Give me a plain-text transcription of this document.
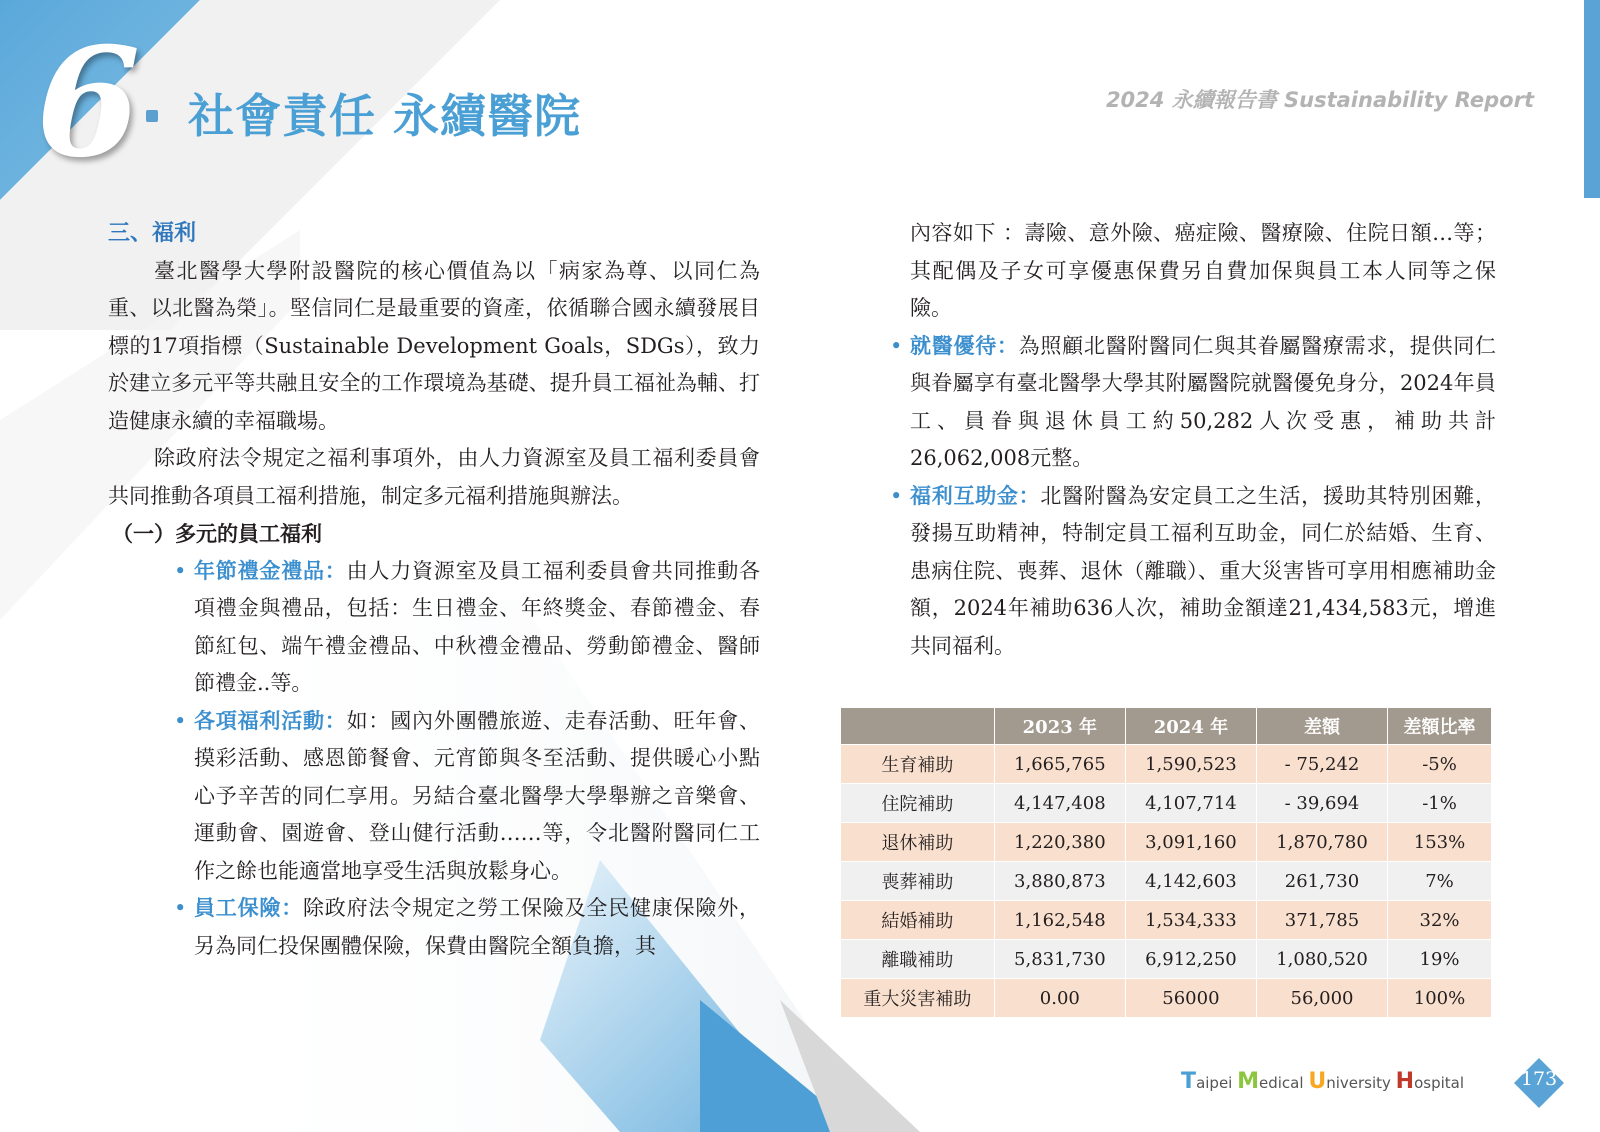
6 社會責任 永續醫院	2024 永續報告書 Sustainability Report
三、福利

臺北醫學大學附設醫院的核心價值為以「病家為尊、以同仁為重、以北醫為榮」。堅信同仁是最重要的資產，依循聯合國永續發展目標的17項指標（Sustainable Development Goals，SDGs），致力於建立多元平等共融且安全的工作環境為基礎、提升員工福祉為輔、打造健康永續的幸福職場。

除政府法令規定之福利事項外，由人力資源室及員工福利委員會共同推動各項員工福利措施，制定多元福利措施與辦法。

（一）多元的員工福利

• 年節禮金禮品：由人力資源室及員工福利委員會共同推動各項禮金與禮品，包括：生日禮金、年終獎金、春節禮金、春節紅包、端午禮金禮品、中秋禮金禮品、勞動節禮金、醫師節禮金..等。

• 各項福利活動：如：國內外團體旅遊、走春活動、旺年會、摸彩活動、感恩節餐會、元宵節與冬至活動、提供暖心小點心予辛苦的同仁享用。另結合臺北醫學大學舉辦之音樂會、運動會、園遊會、登山健行活動……等，令北醫附醫同仁工作之餘也能適當地享受生活與放鬆身心。

• 員工保險：除政府法令規定之勞工保險及全民健康保險外，另為同仁投保團體保險，保費由醫院全額負擔，其

內容如下 ：壽險、意外險、癌症險、醫療險、住院日額…等；其配偶及子女可享優惠保費另自費加保與員工本人同等之保險。

• 就醫優待：為照顧北醫附醫同仁與其眷屬醫療需求，提供同仁與眷屬享有臺北醫學大學其附屬醫院就醫優免身分，2024年員工、員眷與退休員工約50,282人次受惠，補助共計26,062,008元整。

• 福利互助金：北醫附醫為安定員工之生活，援助其特別困難，發揚互助精神，特制定員工福利互助金，同仁於結婚、生育、患病住院、喪葬、退休（離職）、重大災害皆可享用相應補助金額，2024年補助636人次，補助金額達21,434,583元，增進共同福利。

	2023 年	2024 年	差額	差額比率
生育補助	1,665,765	1,590,523	- 75,242	-5%
住院補助	4,147,408	4,107,714	- 39,694	-1%
退休補助	1,220,380	3,091,160	1,870,780	153%
喪葬補助	3,880,873	4,142,603	261,730	7%
結婚補助	1,162,548	1,534,333	371,785	32%
離職補助	5,831,730	6,912,250	1,080,520	19%
重大災害補助	0.00	56000	56,000	100%
Taipei Medical University Hospital	173
